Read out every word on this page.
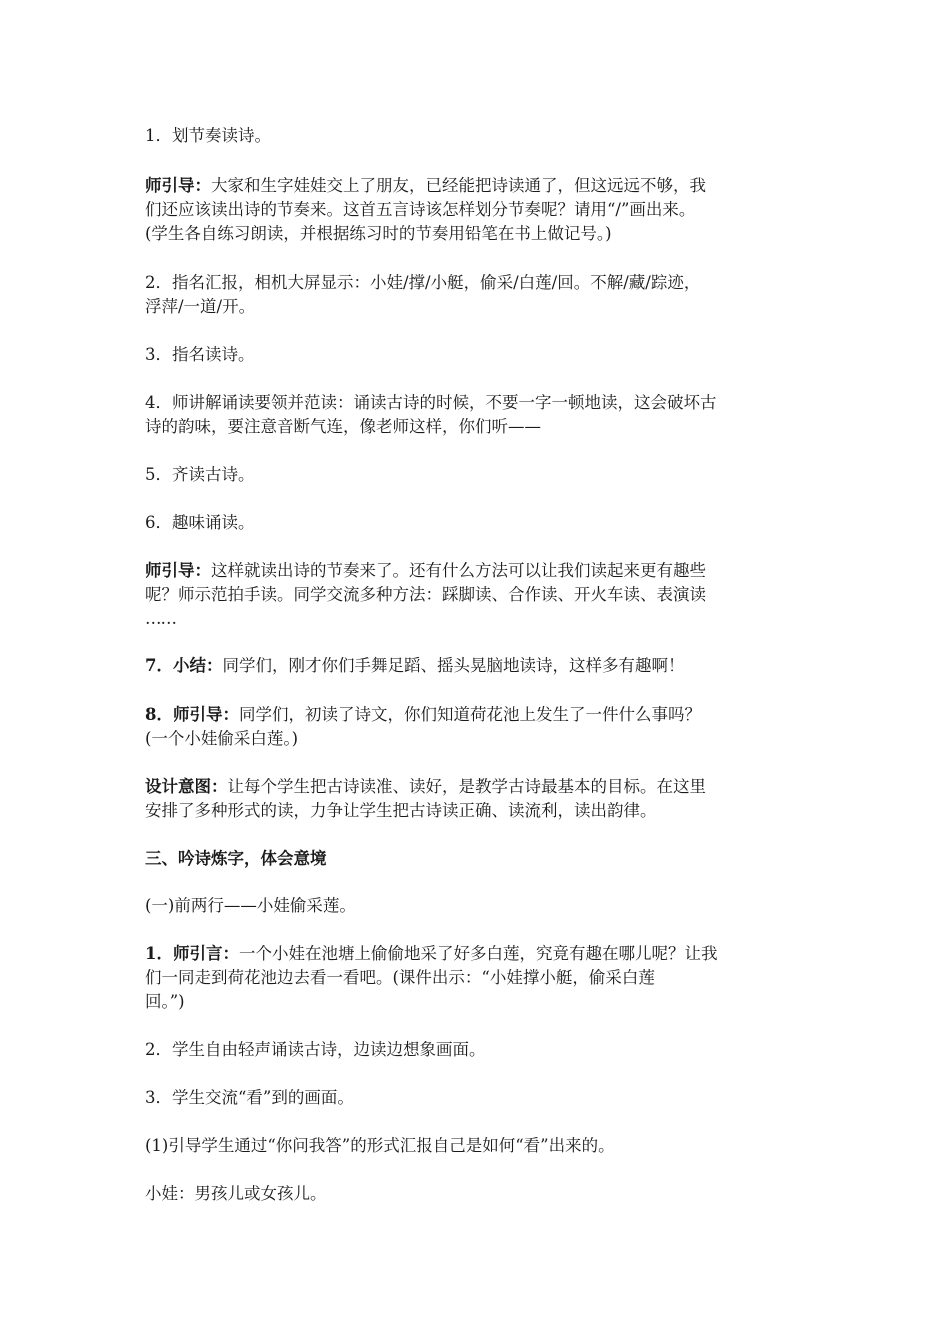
1．划节奏读诗。
师引导：大家和生字娃娃交上了朋友，已经能把诗读通了，但这远远不够，我
们还应该读出诗的节奏来。这首五言诗该怎样划分节奏呢？请用“/”画出来。
(学生各自练习朗读，并根据练习时的节奏用铅笔在书上做记号。)
2．指名汇报，相机大屏显示：小娃/撑/小艇，偷采/白莲/回。不解/藏/踪迹，
浮萍/一道/开。
3．指名读诗。
4．师讲解诵读要领并范读：诵读古诗的时候，不要一字一顿地读，这会破坏古
诗的韵味，要注意音断气连，像老师这样，你们听——
5．齐读古诗。
6．趣味诵读。
师引导：这样就读出诗的节奏来了。还有什么方法可以让我们读起来更有趣些
呢？师示范拍手读。同学交流多种方法：踩脚读、合作读、开火车读、表演读
……
7．小结：同学们，刚才你们手舞足蹈、摇头晃脑地读诗，这样多有趣啊！
8．师引导：同学们，初读了诗文，你们知道荷花池上发生了一件什么事吗？
(一个小娃偷采白莲。)
设计意图：让每个学生把古诗读准、读好，是教学古诗最基本的目标。在这里
安排了多种形式的读，力争让学生把古诗读正确、读流利，读出韵律。
三、吟诗炼字，体会意境
(一)前两行——小娃偷采莲。
1．师引言：一个小娃在池塘上偷偷地采了好多白莲，究竟有趣在哪儿呢？让我
们一同走到荷花池边去看一看吧。(课件出示：“小娃撑小艇，偷采白莲
回。”)
2．学生自由轻声诵读古诗，边读边想象画面。
3．学生交流“看”到的画面。
(1)引导学生通过“你问我答”的形式汇报自己是如何“看”出来的。
小娃：男孩儿或女孩儿。
